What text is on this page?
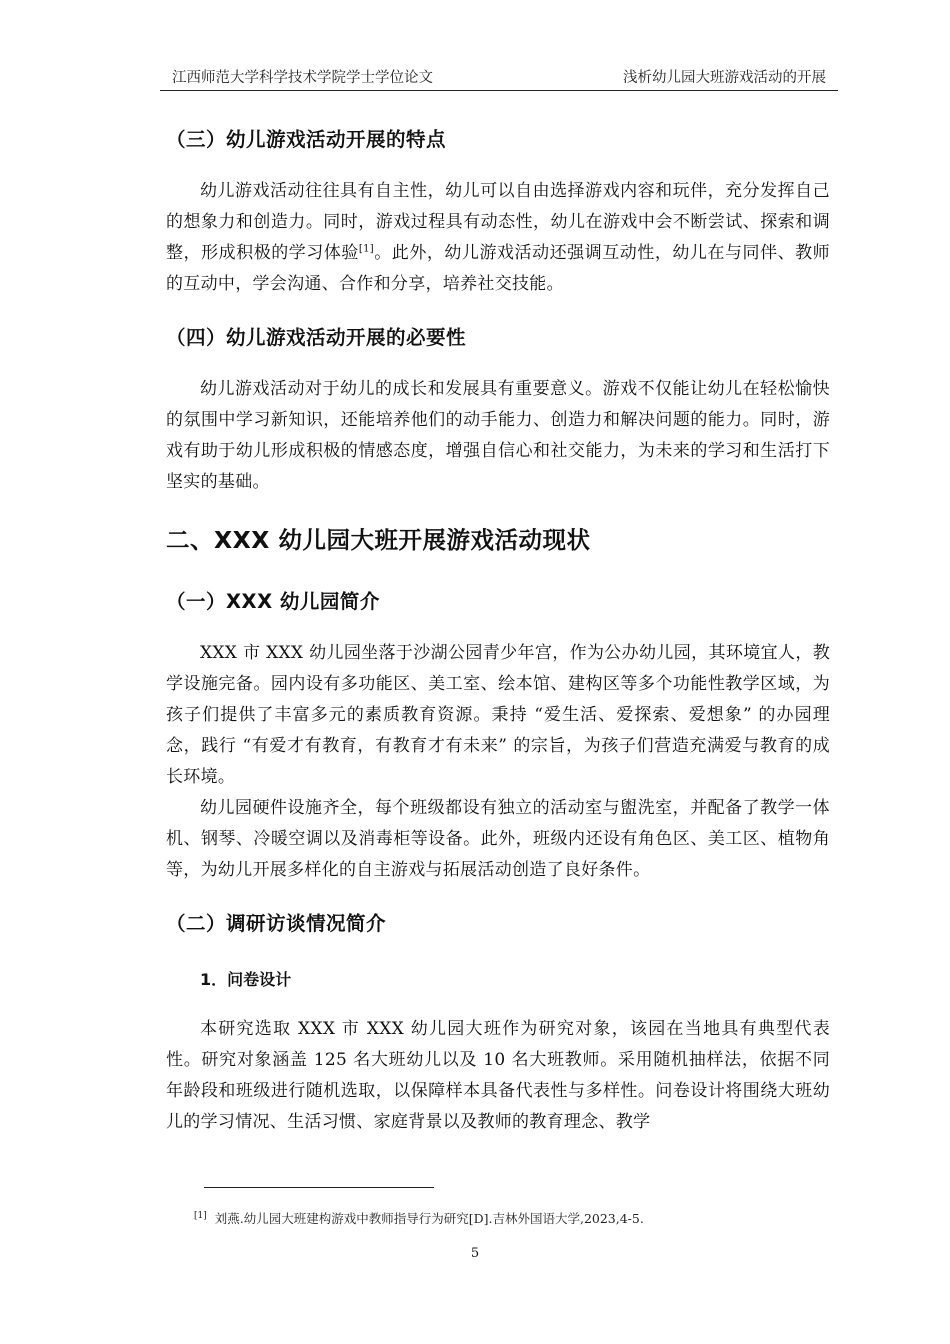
江西师范大学科学技术学院学士学位论文	浅析幼儿园大班游戏活动的开展
（三）幼儿游戏活动开展的特点

幼儿游戏活动往往具有自主性，幼儿可以自由选择游戏内容和玩伴，充分发挥自己的想象力和创造力。同时，游戏过程具有动态性，幼儿在游戏中会不断尝试、探索和调整，形成积极的学习体验[1]。此外，幼儿游戏活动还强调互动性，幼儿在与同伴、教师的互动中，学会沟通、合作和分享，培养社交技能。

（四）幼儿游戏活动开展的必要性

幼儿游戏活动对于幼儿的成长和发展具有重要意义。游戏不仅能让幼儿在轻松愉快的氛围中学习新知识，还能培养他们的动手能力、创造力和解决问题的能力。同时，游戏有助于幼儿形成积极的情感态度，增强自信心和社交能力，为未来的学习和生活打下坚实的基础。

二、XXX 幼儿园大班开展游戏活动现状
（一）XXX 幼儿园简介

XXX 市 XXX 幼儿园坐落于沙湖公园青少年宫，作为公办幼儿园，其环境宜人，教学设施完备。园内设有多功能区、美工室、绘本馆、建构区等多个功能性教学区域，为孩子们提供了丰富多元的素质教育资源。秉持 “爱生活、爱探索、爱想象” 的办园理念，践行 “有爱才有教育，有教育才有未来” 的宗旨，为孩子们营造充满爱与教育的成长环境。

幼儿园硬件设施齐全，每个班级都设有独立的活动室与盥洗室，并配备了教学一体机、钢琴、冷暖空调以及消毒柜等设备。此外，班级内还设有角色区、美工区、植物角等，为幼儿开展多样化的自主游戏与拓展活动创造了良好条件。

（二）调研访谈情况简介
1．问卷设计

本研究选取 XXX 市 XXX 幼儿园大班作为研究对象，该园在当地具有典型代表性。研究对象涵盖 125 名大班幼儿以及 10 名大班教师。采用随机抽样法，依据不同年龄段和班级进行随机选取，以保障样本具备代表性与多样性。问卷设计将围绕大班幼儿的学习情况、生活习惯、家庭背景以及教师的教育理念、教学

[1] 刘燕.幼儿园大班建构游戏中教师指导行为研究[D].吉林外国语大学,2023,4-5.
5
